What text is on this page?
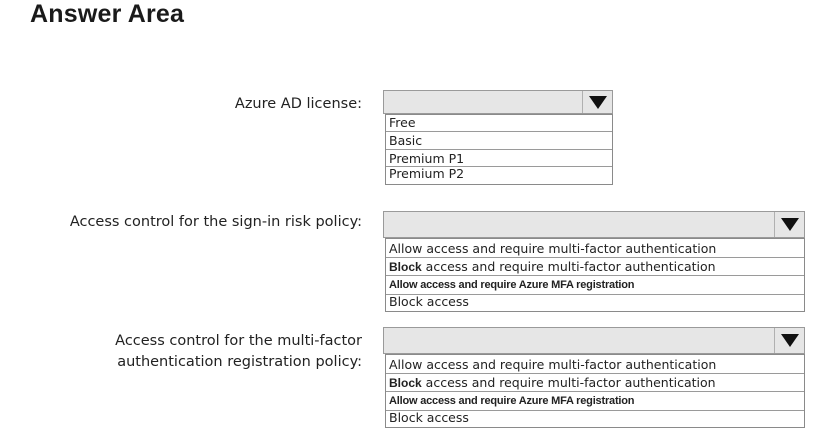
Answer Area
Azure AD license:
Free
Basic
Premium P1
Premium P2
Access control for the sign-in risk policy:
Allow access and require multi-factor authentication
Block access and require multi-factor authentication
Allow access and require Azure MFA registration
Block access
Access control for the multi-factor
authentication registration policy: Allow access and require multi-factor authentication
Block access and require multi-factor authentication
Allow access and require Azure MFA registration
Block access
